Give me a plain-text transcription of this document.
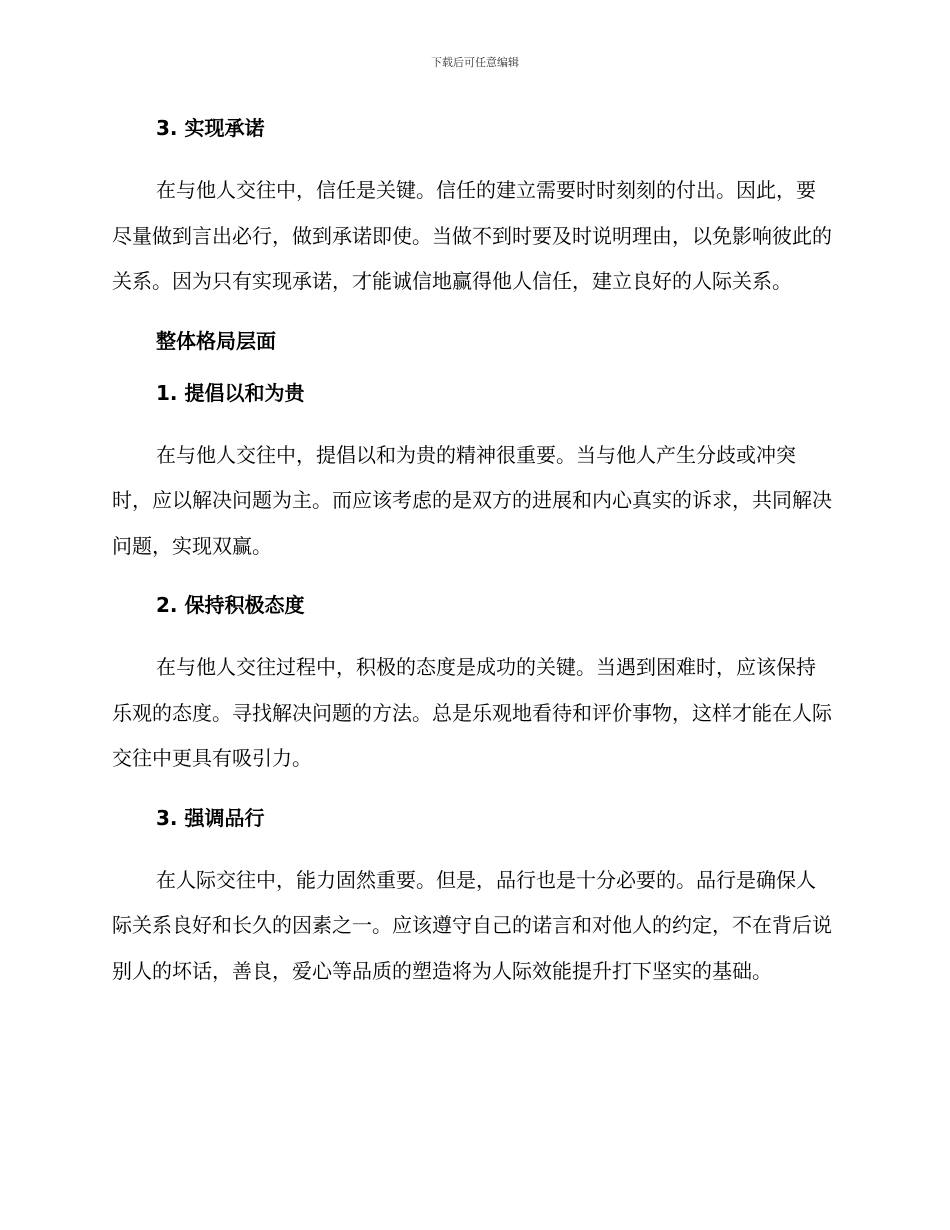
下载后可任意编辑
3. 实现承诺

在与他人交往中，信任是关键。信任的建立需要时时刻刻的付出。因此，要尽量做到言出必行，做到承诺即使。当做不到时要及时说明理由，以免影响彼此的关系。因为只有实现承诺，才能诚信地赢得他人信任，建立良好的人际关系。

整体格局层面
1. 提倡以和为贵

在与他人交往中，提倡以和为贵的精神很重要。当与他人产生分歧或冲突时，应以解决问题为主。而应该考虑的是双方的进展和内心真实的诉求，共同解决问题，实现双赢。

2. 保持积极态度

在与他人交往过程中，积极的态度是成功的关键。当遇到困难时，应该保持乐观的态度。寻找解决问题的方法。总是乐观地看待和评价事物，这样才能在人际交往中更具有吸引力。

3. 强调品行

在人际交往中，能力固然重要。但是，品行也是十分必要的。品行是确保人际关系良好和长久的因素之一。应该遵守自己的诺言和对他人的约定，不在背后说别人的坏话，善良，爱心等品质的塑造将为人际效能提升打下坚实的基础。
